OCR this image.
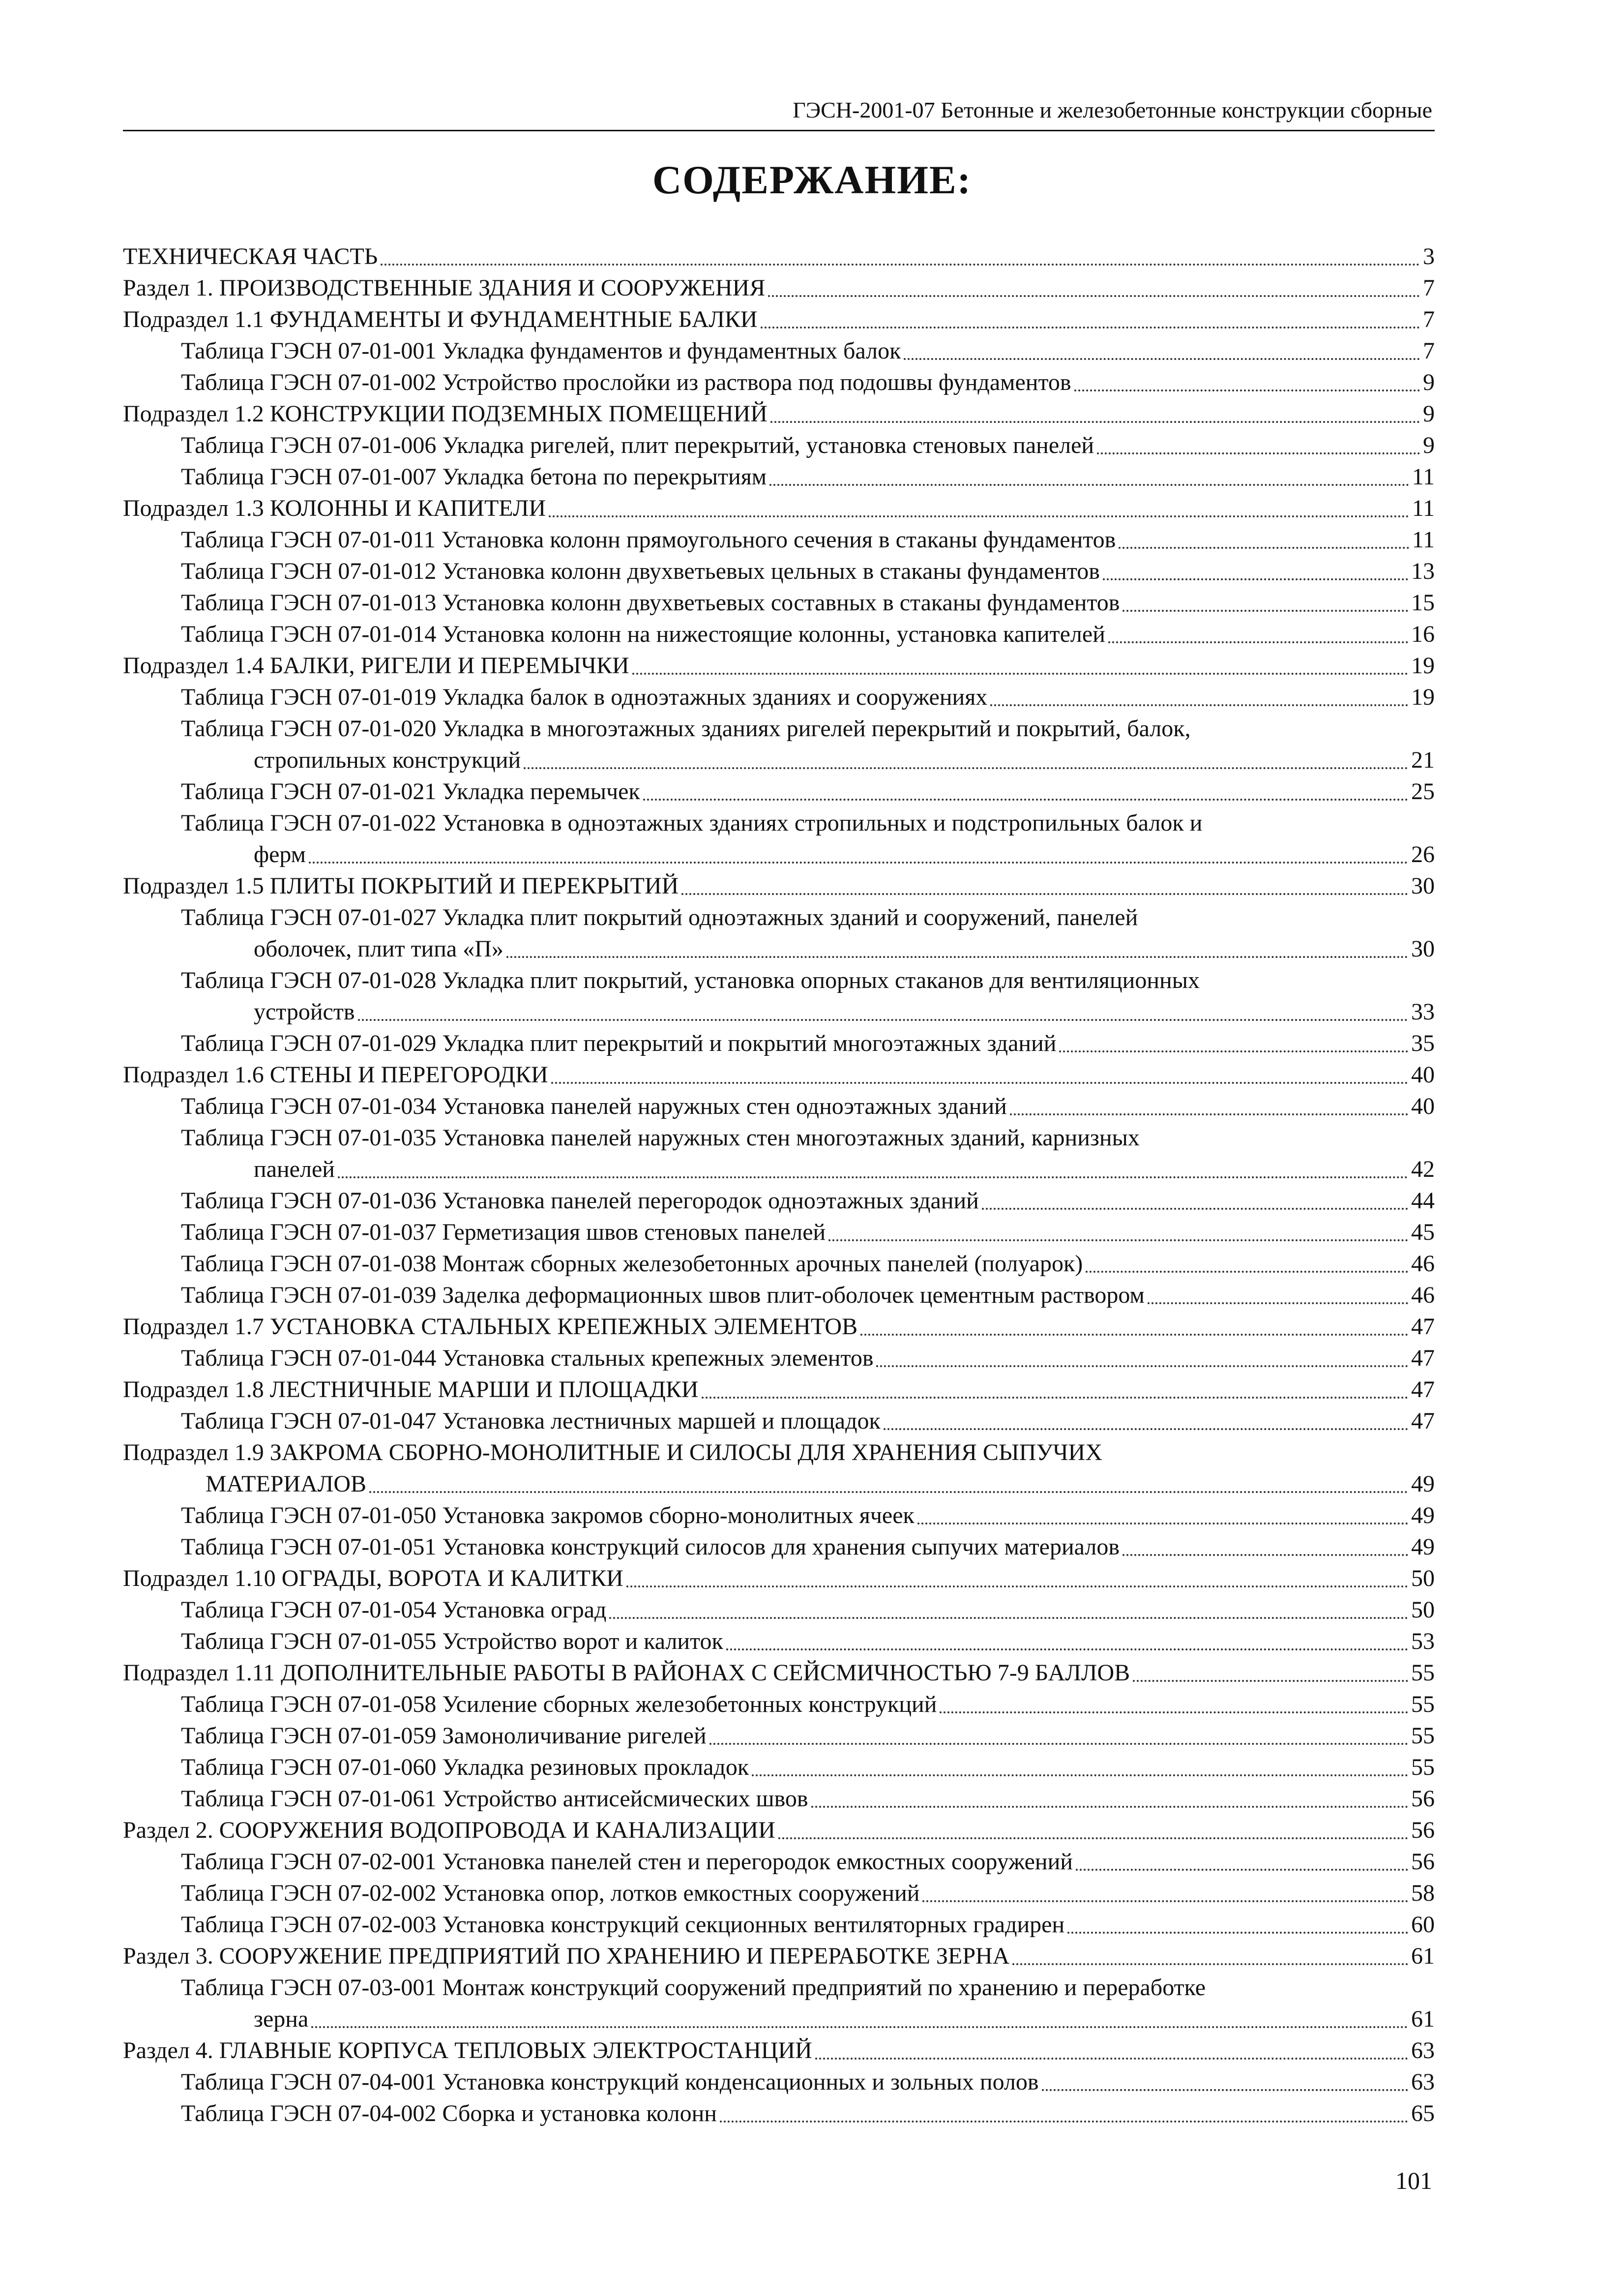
ГЭСН-2001-07 Бетонные и железобетонные конструкции сборные
СОДЕРЖАНИЕ:
ТЕХНИЧЕСКАЯ ЧАСТЬ	3
Раздел 1. ПРОИЗВОДСТВЕННЫЕ ЗДАНИЯ И СООРУЖЕНИЯ	7
Подраздел 1.1 ФУНДАМЕНТЫ И ФУНДАМЕНТНЫЕ БАЛКИ	7
Таблица ГЭСН 07-01-001 Укладка фундаментов и фундаментных балок	7
Таблица ГЭСН 07-01-002 Устройство прослойки из раствора под подошвы фундаментов	9
Подраздел 1.2 КОНСТРУКЦИИ ПОДЗЕМНЫХ ПОМЕЩЕНИЙ	9
Таблица ГЭСН 07-01-006 Укладка ригелей, плит перекрытий, установка стеновых панелей	9
Таблица ГЭСН 07-01-007 Укладка бетона по перекрытиям	11
Подраздел 1.3 КОЛОННЫ И КАПИТЕЛИ	11
Таблица ГЭСН 07-01-011 Установка колонн прямоугольного сечения в стаканы фундаментов	11
Таблица ГЭСН 07-01-012 Установка колонн двухветьевых цельных в стаканы фундаментов	13
Таблица ГЭСН 07-01-013 Установка колонн двухветьевых составных в стаканы фундаментов	15
Таблица ГЭСН 07-01-014 Установка колонн на нижестоящие колонны, установка капителей	16
Подраздел 1.4 БАЛКИ, РИГЕЛИ И ПЕРЕМЫЧКИ	19
Таблица ГЭСН 07-01-019 Укладка балок в одноэтажных зданиях и сооружениях	19
Таблица ГЭСН 07-01-020 Укладка в многоэтажных зданиях ригелей перекрытий и покрытий, балок,
стропильных конструкций	21
Таблица ГЭСН 07-01-021 Укладка перемычек	25
Таблица ГЭСН 07-01-022 Установка в одноэтажных зданиях стропильных и подстропильных балок и
ферм	26
Подраздел 1.5 ПЛИТЫ ПОКРЫТИЙ И ПЕРЕКРЫТИЙ	30
Таблица ГЭСН 07-01-027 Укладка плит покрытий одноэтажных зданий и сооружений, панелей
оболочек, плит типа «П»	30
Таблица ГЭСН 07-01-028 Укладка плит покрытий, установка опорных стаканов для вентиляционных
устройств	33
Таблица ГЭСН 07-01-029 Укладка плит перекрытий и покрытий многоэтажных зданий	35
Подраздел 1.6 СТЕНЫ И ПЕРЕГОРОДКИ	40
Таблица ГЭСН 07-01-034 Установка панелей наружных стен одноэтажных зданий	40
Таблица ГЭСН 07-01-035 Установка панелей наружных стен многоэтажных зданий, карнизных
панелей	42
Таблица ГЭСН 07-01-036 Установка панелей перегородок одноэтажных зданий	44
Таблица ГЭСН 07-01-037 Герметизация швов стеновых панелей	45
Таблица ГЭСН 07-01-038 Монтаж сборных железобетонных арочных панелей (полуарок)	46
Таблица ГЭСН 07-01-039 Заделка деформационных швов плит-оболочек цементным раствором	46
Подраздел 1.7 УСТАНОВКА СТАЛЬНЫХ КРЕПЕЖНЫХ ЭЛЕМЕНТОВ	47
Таблица ГЭСН 07-01-044 Установка стальных крепежных элементов	47
Подраздел 1.8 ЛЕСТНИЧНЫЕ МАРШИ И ПЛОЩАДКИ	47
Таблица ГЭСН 07-01-047 Установка лестничных маршей и площадок	47
Подраздел 1.9 ЗАКРОМА СБОРНО-МОНОЛИТНЫЕ И СИЛОСЫ ДЛЯ ХРАНЕНИЯ СЫПУЧИХ
МАТЕРИАЛОВ	49
Таблица ГЭСН 07-01-050 Установка закромов сборно-монолитных ячеек	49
Таблица ГЭСН 07-01-051 Установка конструкций силосов для хранения сыпучих материалов	49
Подраздел 1.10 ОГРАДЫ, ВОРОТА И КАЛИТКИ	50
Таблица ГЭСН 07-01-054 Установка оград	50
Таблица ГЭСН 07-01-055 Устройство ворот и калиток	53
Подраздел 1.11 ДОПОЛНИТЕЛЬНЫЕ РАБОТЫ В РАЙОНАХ С СЕЙСМИЧНОСТЬЮ 7-9 БАЛЛОВ	55
Таблица ГЭСН 07-01-058 Усиление сборных железобетонных конструкций	55
Таблица ГЭСН 07-01-059 Замоноличивание ригелей	55
Таблица ГЭСН 07-01-060 Укладка резиновых прокладок	55
Таблица ГЭСН 07-01-061 Устройство антисейсмических швов	56
Раздел 2. СООРУЖЕНИЯ ВОДОПРОВОДА И КАНАЛИЗАЦИИ	56
Таблица ГЭСН 07-02-001 Установка панелей стен и перегородок емкостных сооружений	56
Таблица ГЭСН 07-02-002 Установка опор, лотков емкостных сооружений	58
Таблица ГЭСН 07-02-003 Установка конструкций секционных вентиляторных градирен	60
Раздел 3. СООРУЖЕНИЕ ПРЕДПРИЯТИЙ ПО ХРАНЕНИЮ И ПЕРЕРАБОТКЕ ЗЕРНА	61
Таблица ГЭСН 07-03-001 Монтаж конструкций сооружений предприятий по хранению и переработке
зерна	61
Раздел 4. ГЛАВНЫЕ КОРПУСА ТЕПЛОВЫХ ЭЛЕКТРОСТАНЦИЙ	63
Таблица ГЭСН 07-04-001 Установка конструкций конденсационных и зольных полов	63
Таблица ГЭСН 07-04-002 Сборка и установка колонн	65
101
